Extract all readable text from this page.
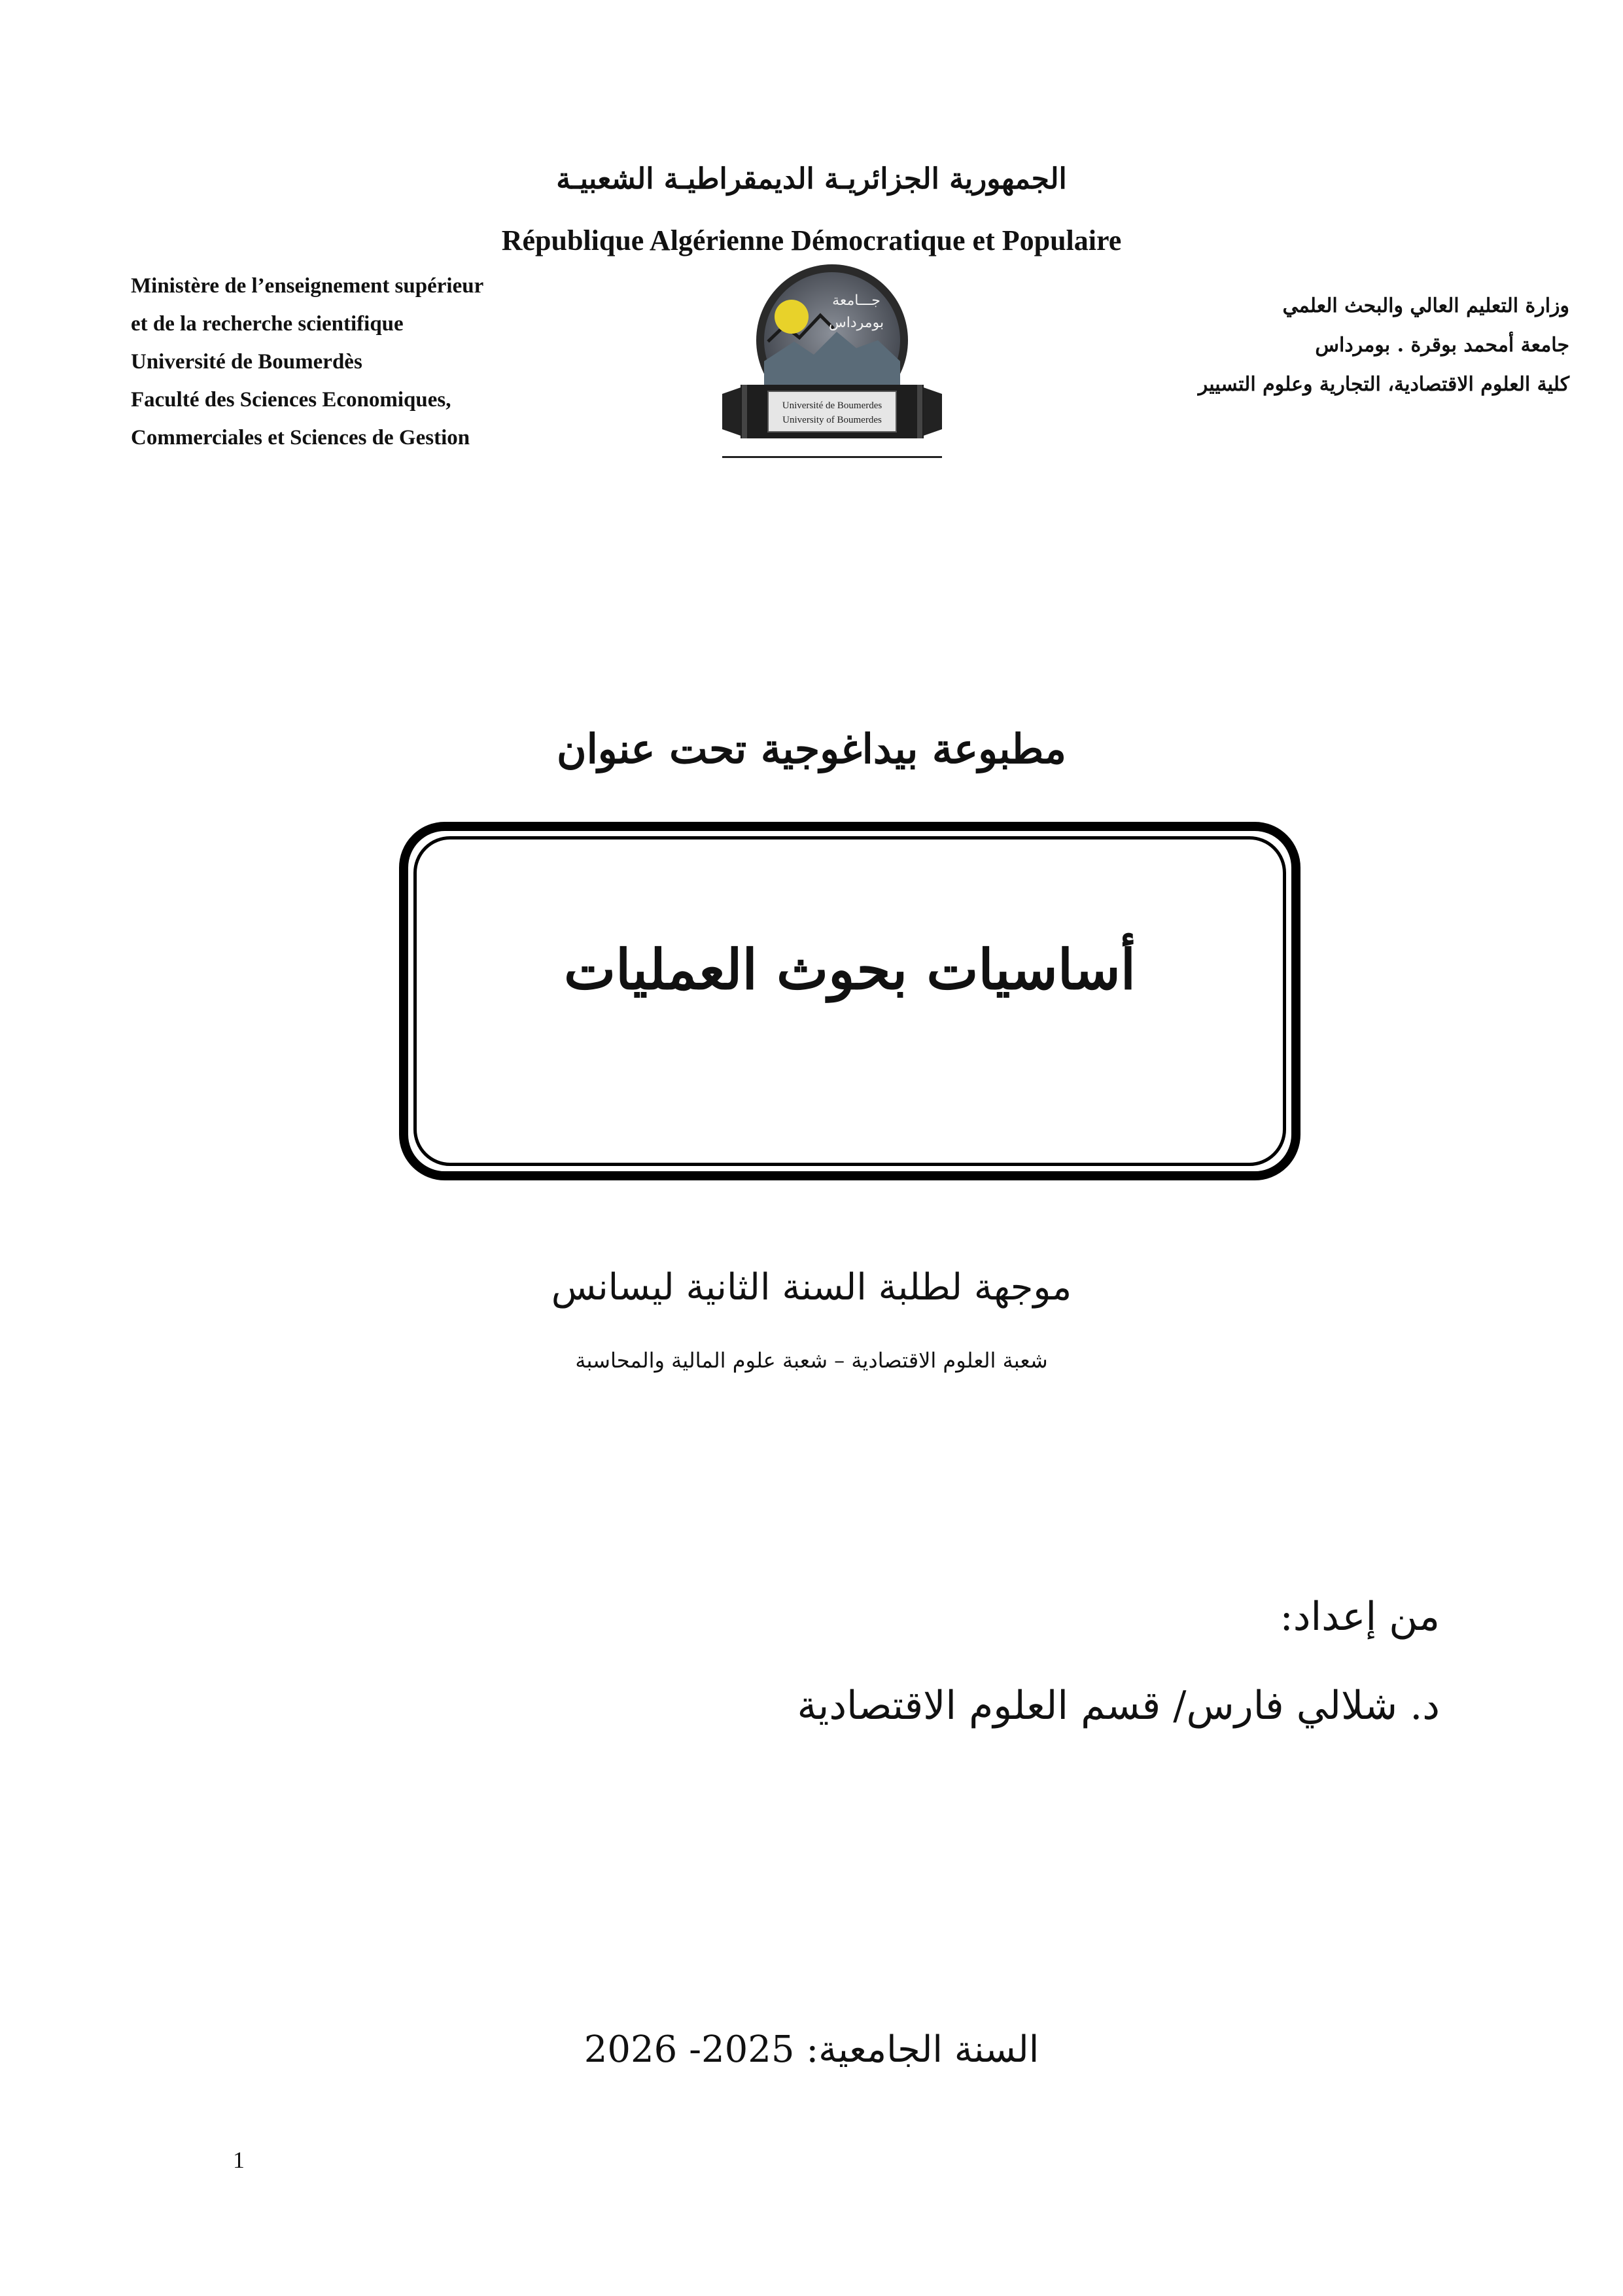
الجمهورية الجزائريـة الديمقراطيـة الشعبيـة
République Algérienne Démocratique et Populaire
Ministère de l’enseignement supérieur
et de la recherche scientifique
Université de Boumerdès
Faculté des Sciences Economiques,
Commerciales et Sciences de Gestion
وزارة التعليم العالي والبحث العلمي
جامعة أمحمد بوقرة . بومرداس
كلية العلوم الاقتصادية، التجارية وعلوم التسيير
جـــامعة
بومرداس
Université de Boumerdes
University of Boumerdes
مطبوعة بيداغوجية تحت عنوان
أساسيات بحوث العمليات
موجهة لطلبة السنة الثانية ليسانس
شعبة العلوم الاقتصادية – شعبة علوم المالية والمحاسبة
من إعداد:
د. شلالي فارس/ قسم العلوم الاقتصادية
السنة الجامعية: 2025- 2026
1
